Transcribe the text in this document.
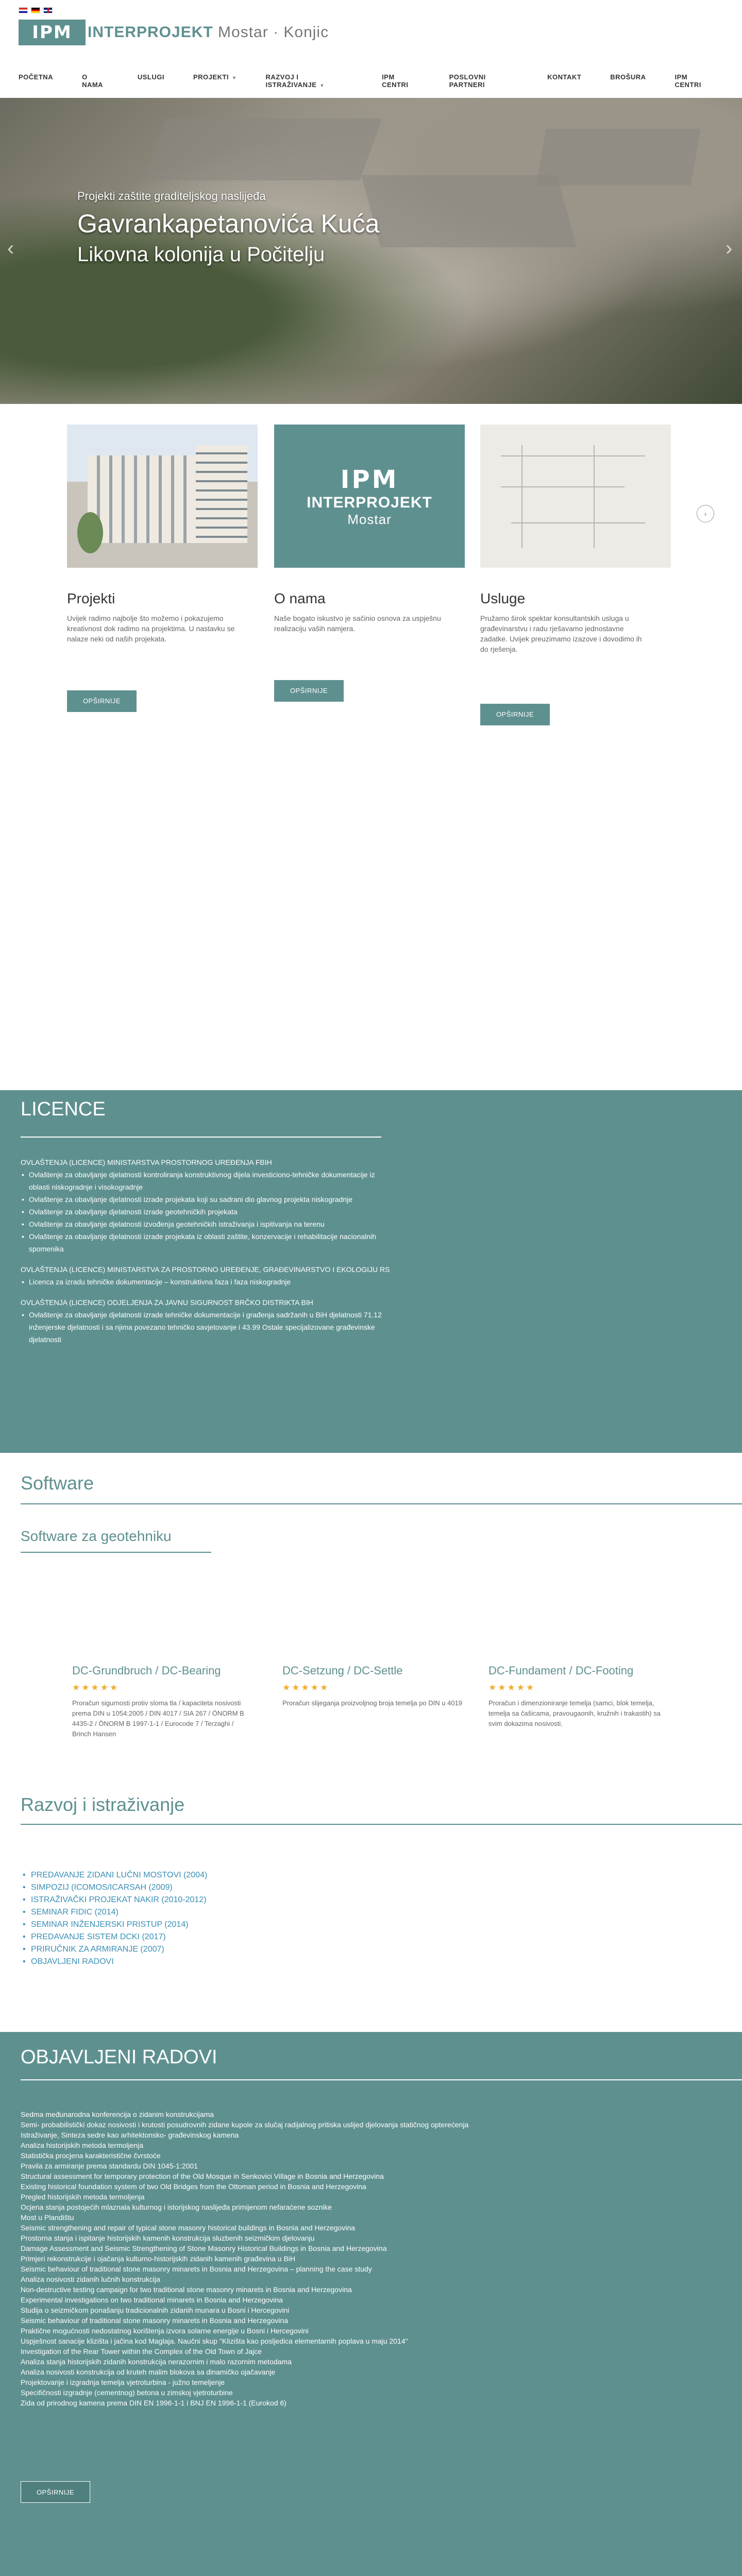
IPM	INTERPROJEKT Mostar · Konjic
POČETNA	O NAMA
USLUGI	PROJEKTI ▼	RAZVOJ I ISTRAŽIVANJE ▼
IPM CENTRI
POSLOVNI PARTNERI
KONTAKT	BROŠURA	IPM CENTRI
Projekti zaštite graditeljskog naslijeđa
Gavrankapetanovića Kuća
Likovna kolonija u Počitelju
‹	›
Projekti
Uvijek radimo najbolje što možemo i pokazujemo kreativnost dok radimo na projektima. U nastavku se nalaze neki od naših projekata.
OPŠIRNIJE
IPM
INTERPROJEKT
Mostar
O nama
Naše bogato iskustvo je sačinio osnova za uspješnu realizaciju vaših namjera.
OPŠIRNIJE
Usluge
Pružamo širok spektar konsultantskih usluga u građevinarstvu i radu rješavamo jednostavne zadatke. Uvijek preuzimamo izazove i dovodimo ih do rješenja.
OPŠIRNIJE
›
LICENCE
OVLAŠTENJA (LICENCE) MINISTARSTVA PROSTORNOG UREĐENJA FBIH
• Ovlaštenje za obavljanje djelatnosti kontroliranja konstruktivnog dijela investiciono-tehničke dokumentacije iz oblasti niskogradnje i visokogradnje
• Ovlaštenje za obavljanje djelatnosti izrade projekata koji su sadrani dio glavnog projekta niskogradnje
• Ovlaštenje za obavljanje djelatnosti izrade geotehničkih projekata
• Ovlaštenje za obavljanje djelatnosti izvođenja geotehničkih istraživanja i ispitivanja na terenu
• Ovlaštenje za obavljanje djelatnosti izrade projekata iz oblasti zaštite, konzervacije i rehabilitacije nacionalnih spomenika
OVLAŠTENJA (LICENCE) MINISTARSTVA ZA PROSTORNO UREĐENJE, GRAĐEVINARSTVO I EKOLOGIJU RS
• Licenca za izradu tehničke dokumentacije – konstruktivna faza i faza niskogradnje
OVLAŠTENJA (LICENCE) ODJELJENJA ZA JAVNU SIGURNOST BRČKO DISTRIKTA BIH
• Ovlaštenje za obavljanje djelatnosti izrade tehničke dokumentacije i građenja sadržanih u BiH djelatnosti 71.12 inženjerske djelatnosti i sa njima povezano tehničko savjetovanje i 43.99 Ostale specijalizovane građevinske djelatnosti
Software
Software za geotehniku
DC-Grundbruch / DC-Bearing
★★★★★
Proračun sigurnosti protiv sloma tla / kapaciteta nosivosti prema DIN u 1054:2005 / DIN 4017 / SIA 267 / ÖNORM B 4435-2 / ÖNORM B 1997-1-1 / Eurocode 7 / Terzaghi / Brinch Hansen
DC-Setzung / DC-Settle
★★★★★
Proračun slijeganja proizvoljnog broja temelja po DIN u 4019
DC-Fundament / DC-Footing
★★★★★
Proračun i dimenzioniranje temelja (samci, blok temelja, temelja sa čašicama, pravougaonih, kružnih i trakastih) sa svim dokazima nosivosti.
Razvoj i istraživanje
• PREDAVANJE ZIDANI LUČNI MOSTOVI (2004)
• SIMPOZIJ (ICOMOS/ICARSAH (2009)
• ISTRAŽIVAČKI PROJEKAT NAKIR (2010-2012)
• SEMINAR FIDIC (2014)
• SEMINAR INŽENJERSKI PRISTUP (2014)
• PREDAVANJE SISTEM DCKI (2017)
• PRIRUČNIK ZA ARMIRANJE (2007)
• OBJAVLJENI RADOVI
OBJAVLJENI RADOVI
OPŠIRNIJE
Sedma međunarodna konferencija o zidanim konstrukcijama
Semi- probabilistički dokaz nosivosti i krutosti posudrovnih zidane kupole za slučaj radijalnog pritiska uslijed djelovanja statičnog opterećenja
Istraživanje, Sinteza sedre kao arhitektonsko- građevinskog kamena
Analiza historijskih metoda termoljenja
Statistička procjena karakteristične čvrstoće
Pravila za armiranje prema standardu DIN 1045-1:2001
Structural assessment for temporary protection of the Old Mosque in Senkovici Village in Bosnia and Herzegovina
Existing historical foundation system of two Old Bridges from the Ottoman period in Bosnia and Herzegovina
Pregled historijskih metoda termoljenja
Ocjena stanja postojećih mlaznala kulturnog i istorijskog naslijeđa primijenom nefaraćene soznike
Most u Plandištu
Seismic strengthening and repair of typical stone masonry historical buildings in Bosnia and Herzegovina
Prostorna stanja i ispitanje historijskih kamenih konstrukcija sluzbenih seizmičkim djelovanju
Damage Assessment and Seismic Strengthening of Stone Masonry Historical Buildings in Bosnia and Herzegovina
Primjeri rekonstrukcije i ojačanja kulturno-historijskih zidanih kamenih građevina u BiH
Seismic behaviour of traditional stone masonry minarets in Bosnia and Herzegovina – planning the case study
Analiza nosivosti zidanih lučnih konstrukcija
Non-destructive testing campaign for two traditional stone masonry minarets in Bosnia and Herzegovina
Experimental investigations on two traditional minarets in Bosnia and Herzegovina
Studija o seizmičkom ponašanju tradicionalnih zidanih munara u Bosni i Hercegovini
Seismic behaviour of traditional stone masonry minarets in Bosnia and Herzegovina
Praktične mogućnosti nedostatnog korištenja izvora solarne energije u Bosni i Hercegovini
Uspješnost sanacije klizišta i jačina kod Maglaja. Naučni skup "Klizišta kao posljedica elementarnih poplava u maju 2014"
Investigation of the Rear Tower within the Complex of the Old Town of Jajce
Analiza stanja historijskih zidanih konstrukcija nerazornim i malo razornim metodama
Analiza nosivosti konstrukcija od kruteh malim blokova sa dinamičko ojačavanje
Projektovanje i izgradnja temelja vjetroturbina - južno temeljenje
Specifičnosti izgradnje (cementnog) betona u zimskoj vjetroturbine
Zida od prirodnog kamena prema DIN EN 1996-1-1 i BNJ EN 1996-1-1 (Eurokod 6)
